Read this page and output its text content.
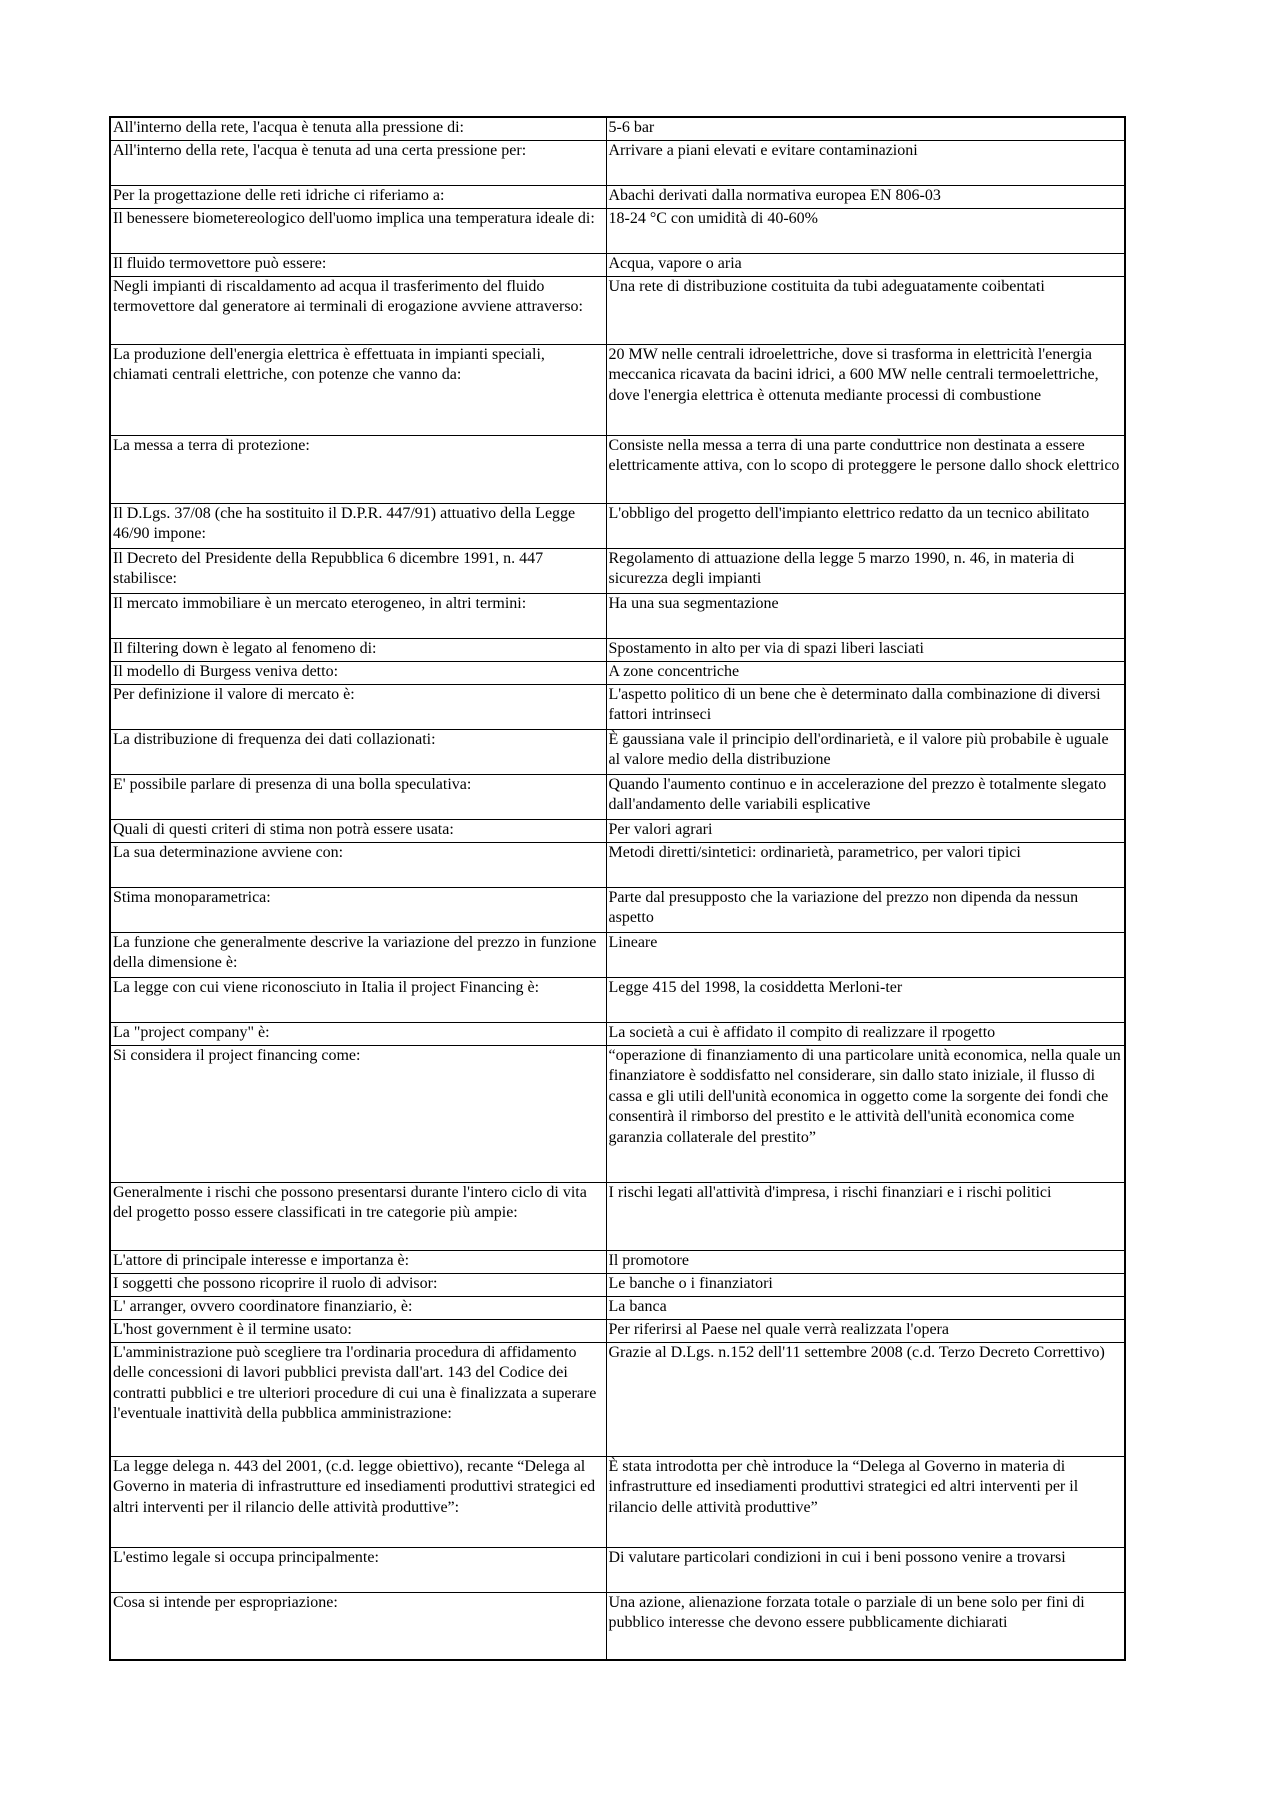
All'interno della rete, l'acqua è tenuta alla pressione di:	5-6 bar
All'interno della rete, l'acqua è tenuta ad una certa pressione per:	Arrivare a piani elevati e evitare contaminazioni
Per la progettazione delle reti idriche ci riferiamo a:	Abachi derivati dalla normativa europea EN 806-03
Il benessere biometereologico dell'uomo implica una temperatura ideale di:	18-24 °C con umidità di 40-60%
Il fluido termovettore può essere:	Acqua, vapore o aria
Negli impianti di riscaldamento ad acqua il trasferimento del fluido termovettore dal generatore ai terminali di erogazione avviene attraverso:	Una rete di distribuzione costituita da tubi adeguatamente coibentati
La produzione dell'energia elettrica è effettuata in impianti speciali, chiamati centrali elettriche, con potenze che vanno da:	20 MW nelle centrali idroelettriche, dove si trasforma in elettricità l'energia meccanica ricavata da bacini idrici, a 600 MW nelle centrali termoelettriche, dove l'energia elettrica è ottenuta mediante processi di combustione
La messa a terra di protezione:	Consiste nella messa a terra di una parte conduttrice non destinata a essere elettricamente attiva, con lo scopo di proteggere le persone dallo shock elettrico
Il D.Lgs. 37/08 (che ha sostituito il D.P.R. 447/91) attuativo della Legge 46/90 impone:	L'obbligo del progetto dell'impianto elettrico redatto da un tecnico abilitato
Il Decreto del Presidente della Repubblica 6 dicembre 1991, n. 447 stabilisce:	Regolamento di attuazione della legge 5 marzo 1990, n. 46, in materia di sicurezza degli impianti
Il mercato immobiliare è un mercato eterogeneo, in altri termini:	Ha una sua segmentazione
Il filtering down è legato al fenomeno di:	Spostamento in alto per via di spazi liberi lasciati
Il modello di Burgess veniva detto:	A zone concentriche
Per definizione il valore di mercato è:	L'aspetto politico di un bene che è determinato dalla combinazione di diversi fattori intrinseci
La distribuzione di frequenza dei dati collazionati:	È gaussiana vale il principio dell'ordinarietà, e il valore più probabile è uguale al valore medio della distribuzione
E' possibile parlare di presenza di una bolla speculativa:	Quando l'aumento continuo e in accelerazione del prezzo è totalmente slegato dall'andamento delle variabili esplicative
Quali di questi criteri di stima non potrà essere usata:	Per valori agrari
La sua determinazione avviene con:	Metodi diretti/sintetici: ordinarietà, parametrico, per valori tipici
Stima monoparametrica:	Parte dal presupposto che la variazione del prezzo non dipenda da nessun aspetto
La funzione che generalmente descrive la variazione del prezzo in funzione della dimensione è:	Lineare
La legge con cui viene riconosciuto in Italia il project Financing è:	Legge 415 del 1998, la cosiddetta Merloni-ter
La "project company" è:	La società a cui è affidato il compito di realizzare il rpogetto
Si considera il project financing come:	“operazione di finanziamento di una particolare unità economica, nella quale un finanziatore è soddisfatto nel considerare, sin dallo stato iniziale, il flusso di cassa e gli utili dell'unità economica in oggetto come la sorgente dei fondi che consentirà il rimborso del prestito e le attività dell'unità economica come garanzia collaterale del prestito”
Generalmente i rischi che possono presentarsi durante l'intero ciclo di vita del progetto posso essere classificati in tre categorie più ampie:	I rischi legati all'attività d'impresa, i rischi finanziari e i rischi politici
L'attore di principale interesse e importanza è:	Il promotore
I soggetti che possono ricoprire il ruolo di advisor:	Le banche o i finanziatori
L' arranger, ovvero coordinatore finanziario, è:	La banca
L'host government è il termine usato:	Per riferirsi al Paese nel quale verrà realizzata l'opera
L'amministrazione può scegliere tra l'ordinaria procedura di affidamento delle concessioni di lavori pubblici prevista dall'art. 143 del Codice dei contratti pubblici e tre ulteriori procedure di cui una è finalizzata a superare l'eventuale inattività della pubblica amministrazione:	Grazie al D.Lgs. n.152 dell'11 settembre 2008 (c.d. Terzo Decreto Correttivo)
La legge delega n. 443 del 2001, (c.d. legge obiettivo), recante “Delega al Governo in materia di infrastrutture ed insediamenti produttivi strategici ed altri interventi per il rilancio delle attività produttive”:	È stata introdotta per chè introduce la “Delega al Governo in materia di infrastrutture ed insediamenti produttivi strategici ed altri interventi per il rilancio delle attività produttive”
L'estimo legale si occupa principalmente:	Di valutare particolari condizioni in cui i beni possono venire a trovarsi
Cosa si intende per espropriazione:	Una azione, alienazione forzata totale o parziale di un bene solo per fini di pubblico interesse che devono essere pubblicamente dichiarati
